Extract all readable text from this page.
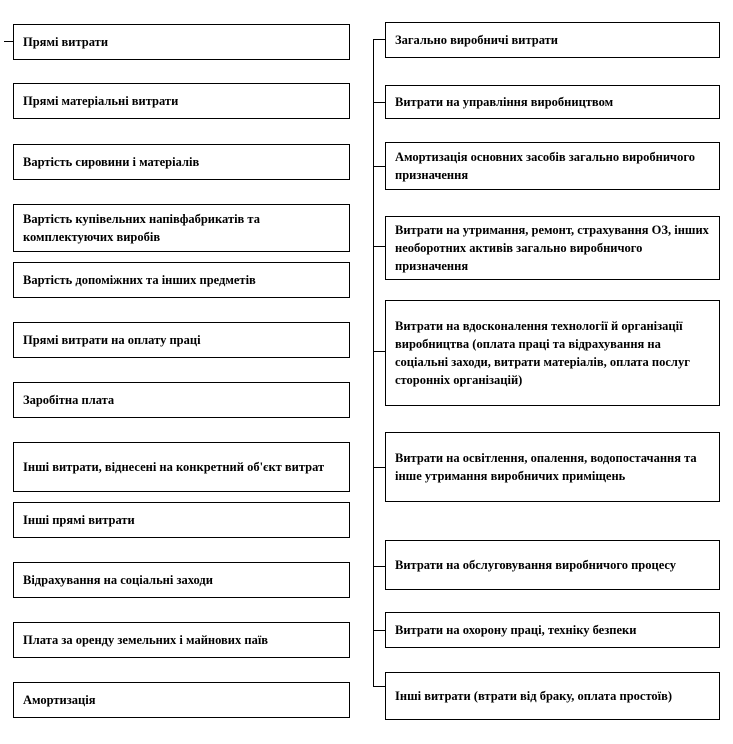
Прямі витрати
Прямі матеріальні витрати
Вартість сировини і матеріалів
Вартість купівельних напівфабрикатів та комплектуючих виробів
Вартість допоміжних та інших предметів
Прямі витрати на оплату праці
Заробітна плата
Інші витрати, віднесені на конкретний об'єкт витрат
Інші прямі витрати
Відрахування на соціальні заходи
Плата за оренду земельних і майнових паїв
Амортизація
Загально виробничі витрати
Витрати на управління виробництвом
Амортизація основних засобів загально виробничого призначення
Витрати на утримання, ремонт, страхування ОЗ, інших необоротних активів загально виробничого призначення
Витрати на вдосконалення технології й організації виробництва (оплата праці та відрахування на соціальні заходи, витрати матеріалів, оплата послуг сторонніх організацій)
Витрати на освітлення, опалення, водопостачання та інше утримання виробничих приміщень
Витрати на обслуговування виробничого процесу
Витрати на охорону праці, техніку безпеки
Інші витрати (втрати від браку, оплата простоїв)
